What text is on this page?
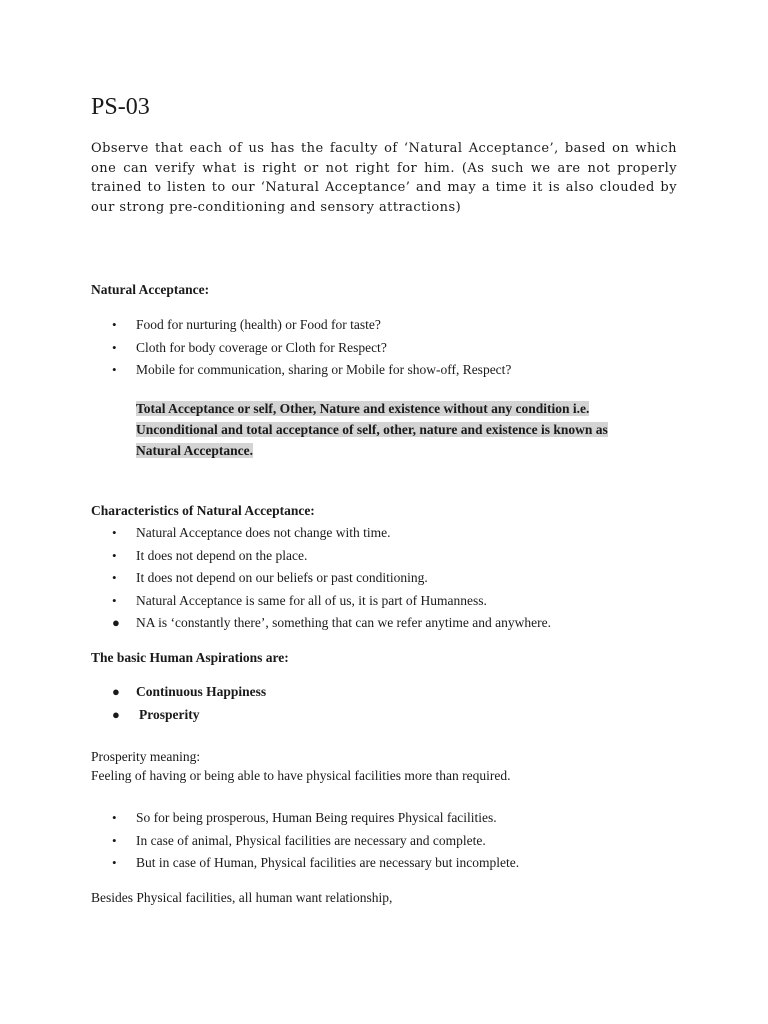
PS-03

Observe that each of us has the faculty of ‘Natural Acceptance’, based on which one can verify what is right or not right for him. (As such we are not properly trained to listen to our ‘Natural Acceptance’ and may a time it is also clouded by our strong pre-conditioning and sensory attractions)

Natural Acceptance:

• Food for nurturing (health) or Food for taste?
• Cloth for body coverage or Cloth for Respect?
• Mobile for communication, sharing or Mobile for show-off, Respect?
Total Acceptance or self, Other, Nature and existence without any condition i.e.
Unconditional and total acceptance of self, other, nature and existence is known as
Natural Acceptance.

Characteristics of Natural Acceptance:

• Natural Acceptance does not change with time.
• It does not depend on the place.
• It does not depend on our beliefs or past conditioning.
• Natural Acceptance is same for all of us, it is part of Humanness.
● NA is ‘constantly there’, something that can we refer anytime and anywhere.

The basic Human Aspirations are:

● Continuous Happiness
● Prosperity

Prosperity meaning:

Feeling of having or being able to have physical facilities more than required.

• So for being prosperous, Human Being requires Physical facilities.
• In case of animal, Physical facilities are necessary and complete.
• But in case of Human, Physical facilities are necessary but incomplete.

Besides Physical facilities, all human want relationship,
